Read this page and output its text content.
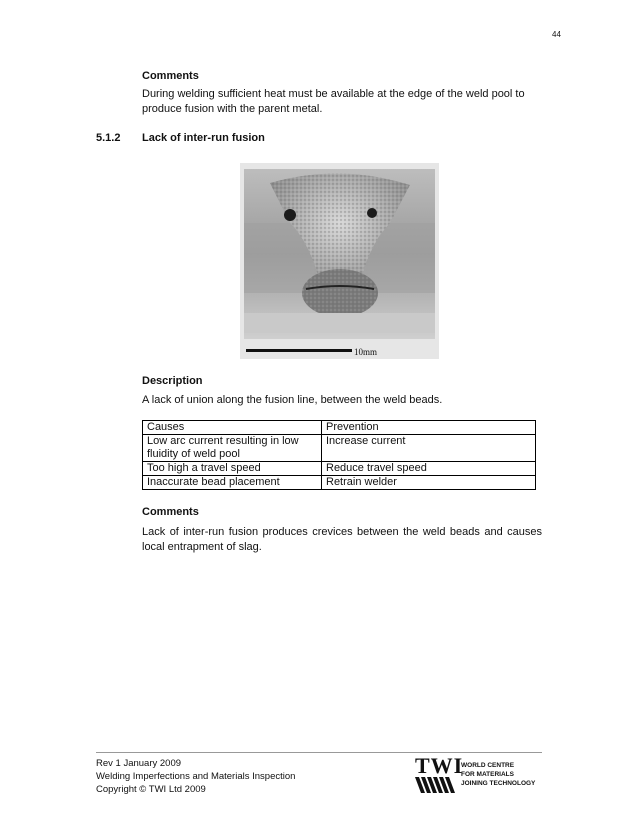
44
Comments
During welding sufficient heat must be available at the edge of the weld pool to produce fusion with the parent metal.
5.1.2 Lack of inter-run fusion
10mm
Description
A lack of union along the fusion line, between the weld beads.
Causes	Prevention
Low arc current resulting in low fluidity of weld pool	Increase current
Too high a travel speed	Reduce travel speed
Inaccurate bead placement	Retrain welder
Comments
Lack of inter-run fusion produces crevices between the weld beads and causes local entrapment of slag.
Rev 1 January 2009
Welding Imperfections and Materials Inspection
Copyright © TWI Ltd 2009
TWI
WORLD CENTRE
FOR MATERIALS
JOINING TECHNOLOGY
